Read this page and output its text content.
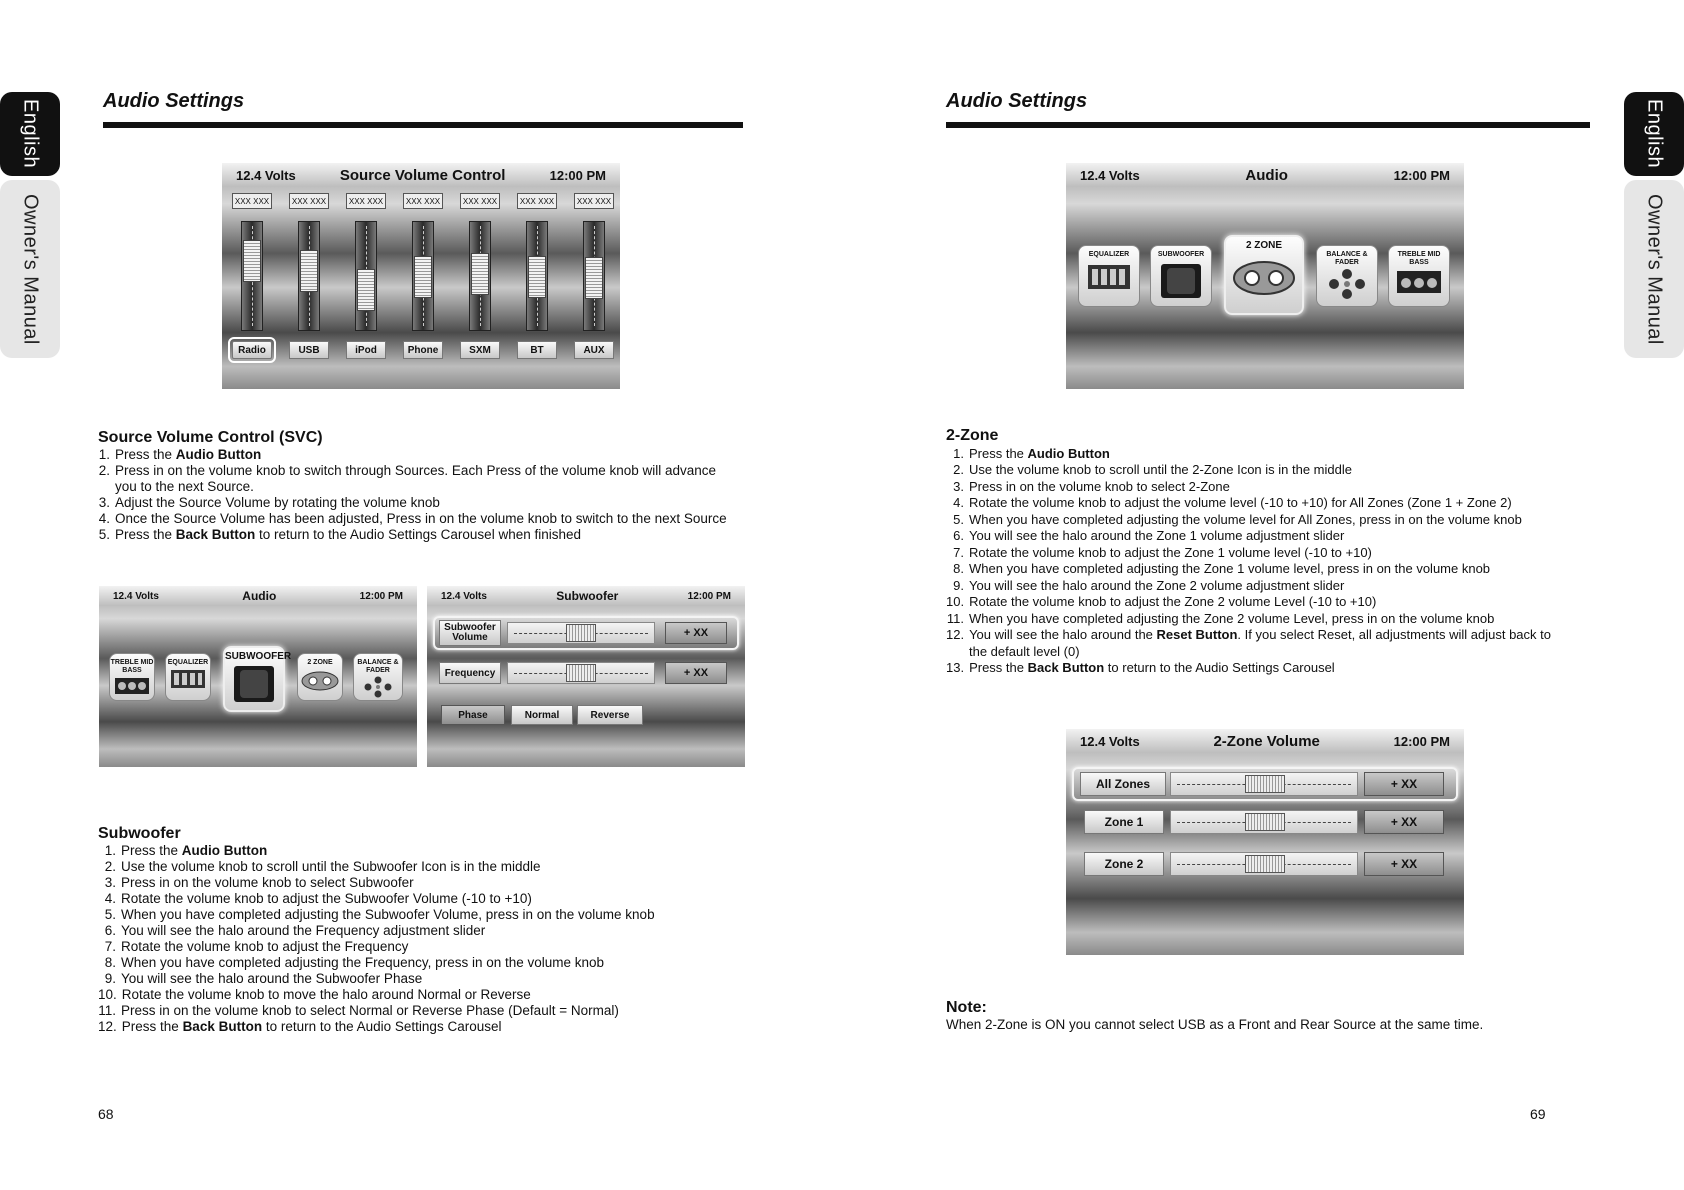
English
Owner's Manual
Audio Settings
12.4 Volts	Source Volume Control	12:00 PM
XXX XXX
Radio
XXX XXX
USB
XXX XXX
iPod
XXX XXX
Phone
XXX XXX
SXM
XXX XXX
BT
XXX XXX
AUX
Source Volume Control (SVC)
1. Press the Audio Button
2. Press in on the volume knob to switch through Sources. Each Press of the volume knob will advance
you to the next Source.
3. Adjust the Source Volume by rotating the volume knob
4. Once the Source Volume has been adjusted, Press in on the volume knob to switch to the next Source
5. Press the Back Button to return to the Audio Settings Carousel when finished
12.4 Volts	Audio	12:00 PM
TREBLE MID BASS
EQUALIZER
SUBWOOFER
2 ZONE	BALANCE & FADER
12.4 Volts	Subwoofer	12:00 PM
Subwoofer Volume	+ XX
Frequency	+ XX
Phase	Normal	Reverse
Subwoofer
1. Press the Audio Button
2. Use the volume knob to scroll until the Subwoofer Icon is in the middle
3. Press in on the volume knob to select Subwoofer
4. Rotate the volume knob to adjust the Subwoofer Volume (-10 to +10)
5. When you have completed adjusting the Subwoofer Volume, press in on the volume knob
6. You will see the halo around the Frequency adjustment slider
7. Rotate the volume knob to adjust the Frequency
8. When you have completed adjusting the Frequency, press in on the volume knob
9. You will see the halo around the Subwoofer Phase
10. Rotate the volume knob to move the halo around Normal or Reverse
11. Press in on the volume knob to select Normal or Reverse Phase (Default = Normal)
12. Press the Back Button to return to the Audio Settings Carousel
68
English
Owner's Manual
Audio Settings
12.4 Volts	Audio	12:00 PM
EQUALIZER	SUBWOOFER
2 ZONE
BALANCE & FADER
TREBLE MID BASS
2-Zone
1. Press the Audio Button
2. Use the volume knob to scroll until the 2-Zone Icon is in the middle
3. Press in on the volume knob to select 2-Zone
4. Rotate the volume knob to adjust the volume level (-10 to +10) for All Zones (Zone 1 + Zone 2)
5. When you have completed adjusting the volume level for All Zones, press in on the volume knob
6. You will see the halo around the Zone 1 volume adjustment slider
7. Rotate the volume knob to adjust the Zone 1 volume level (-10 to +10)
8. When you have completed adjusting the Zone 1 volume level, press in on the volume knob
9. You will see the halo around the Zone 2 volume adjustment slider
10. Rotate the volume knob to adjust the Zone 2 volume Level (-10 to +10)
11. When you have completed adjusting the Zone 2 volume Level, press in on the volume knob
12. You will see the halo around the Reset Button. If you select Reset, all adjustments will adjust back to
the default level (0)
13. Press the Back Button to return to the Audio Settings Carousel
12.4 Volts	2-Zone Volume	12:00 PM
All Zones	+ XX
Zone 1	+ XX
Zone 2	+ XX
Note:
When 2-Zone is ON you cannot select USB as a Front and Rear Source at the same time.
69
